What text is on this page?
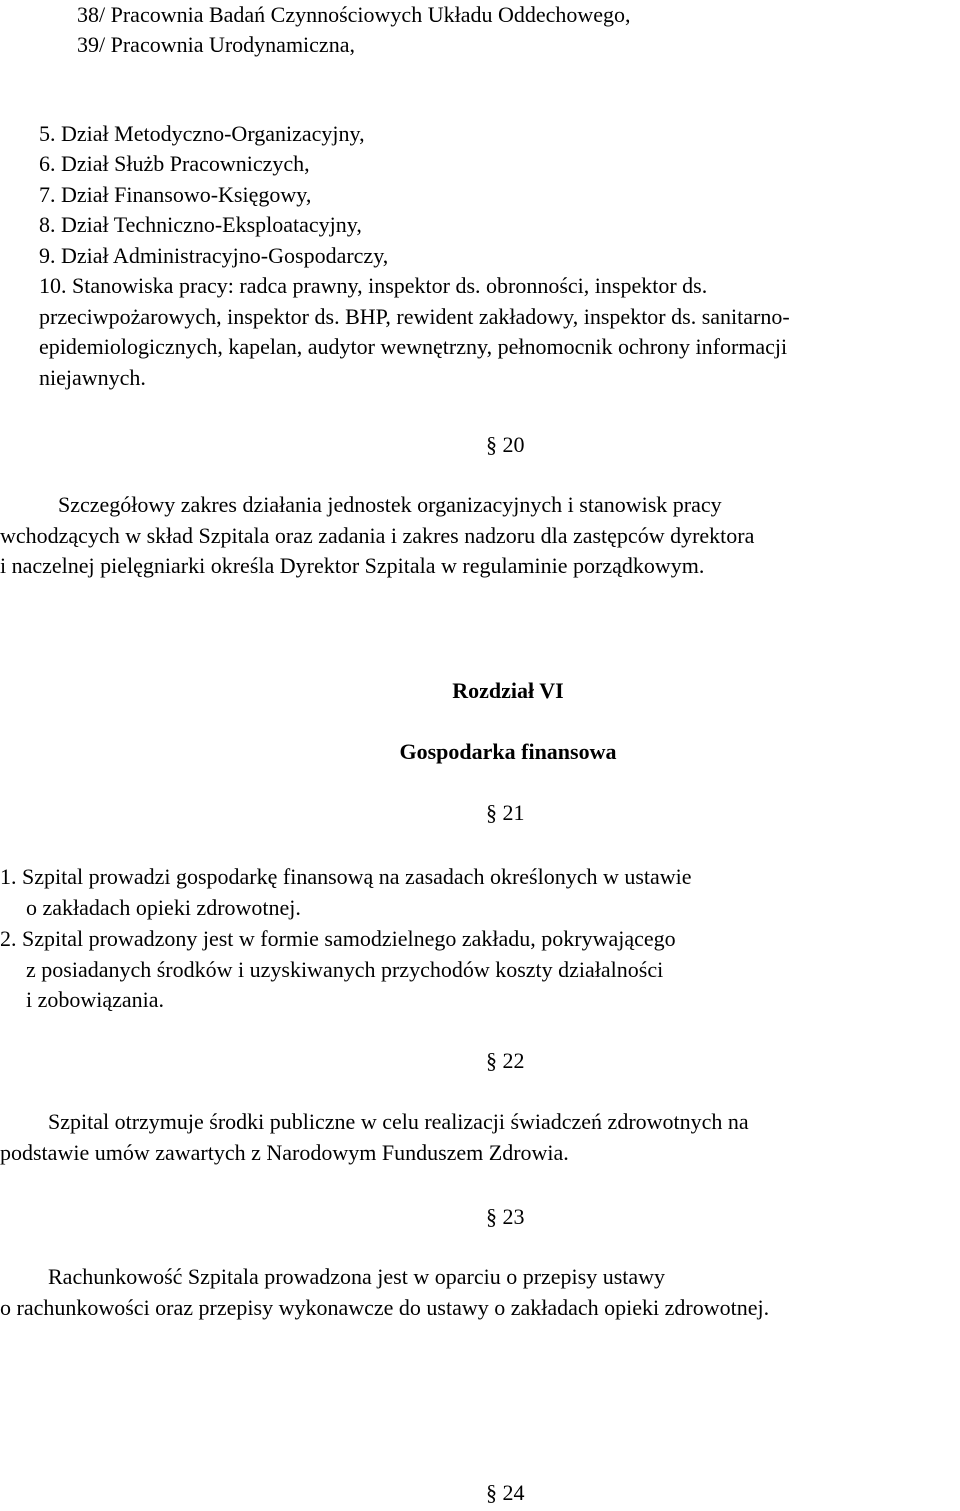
38/ Pracownia Badań Czynnościowych Układu Oddechowego,
39/ Pracownia Urodynamiczna,
5. Dział Metodyczno-Organizacyjny,
6. Dział Służb Pracowniczych,
7. Dział Finansowo-Księgowy,
8. Dział Techniczno-Eksploatacyjny,
9. Dział Administracyjno-Gospodarczy,
10. Stanowiska pracy: radca prawny, inspektor ds. obronności, inspektor ds.
przeciwpożarowych, inspektor ds. BHP, rewident zakładowy, inspektor ds. sanitarno-
epidemiologicznych, kapelan, audytor wewnętrzny, pełnomocnik ochrony informacji
niejawnych.
§ 20
Szczegółowy zakres działania jednostek organizacyjnych i stanowisk pracy
wchodzących w skład Szpitala oraz zadania i zakres nadzoru dla zastępców dyrektora
i naczelnej pielęgniarki określa Dyrektor Szpitala w regulaminie porządkowym.
Rozdział VI
Gospodarka finansowa
§ 21
1. Szpital prowadzi gospodarkę finansową na zasadach określonych w ustawie
o zakładach opieki zdrowotnej.
2. Szpital prowadzony jest w formie samodzielnego zakładu, pokrywającego
z posiadanych środków i uzyskiwanych przychodów koszty działalności
i zobowiązania.
§ 22
Szpital otrzymuje środki publiczne w celu realizacji świadczeń zdrowotnych na
podstawie umów zawartych z Narodowym Funduszem Zdrowia.
§ 23
Rachunkowość Szpitala prowadzona jest w oparciu o przepisy ustawy
o rachunkowości oraz przepisy wykonawcze do ustawy o zakładach opieki zdrowotnej.
§ 24
